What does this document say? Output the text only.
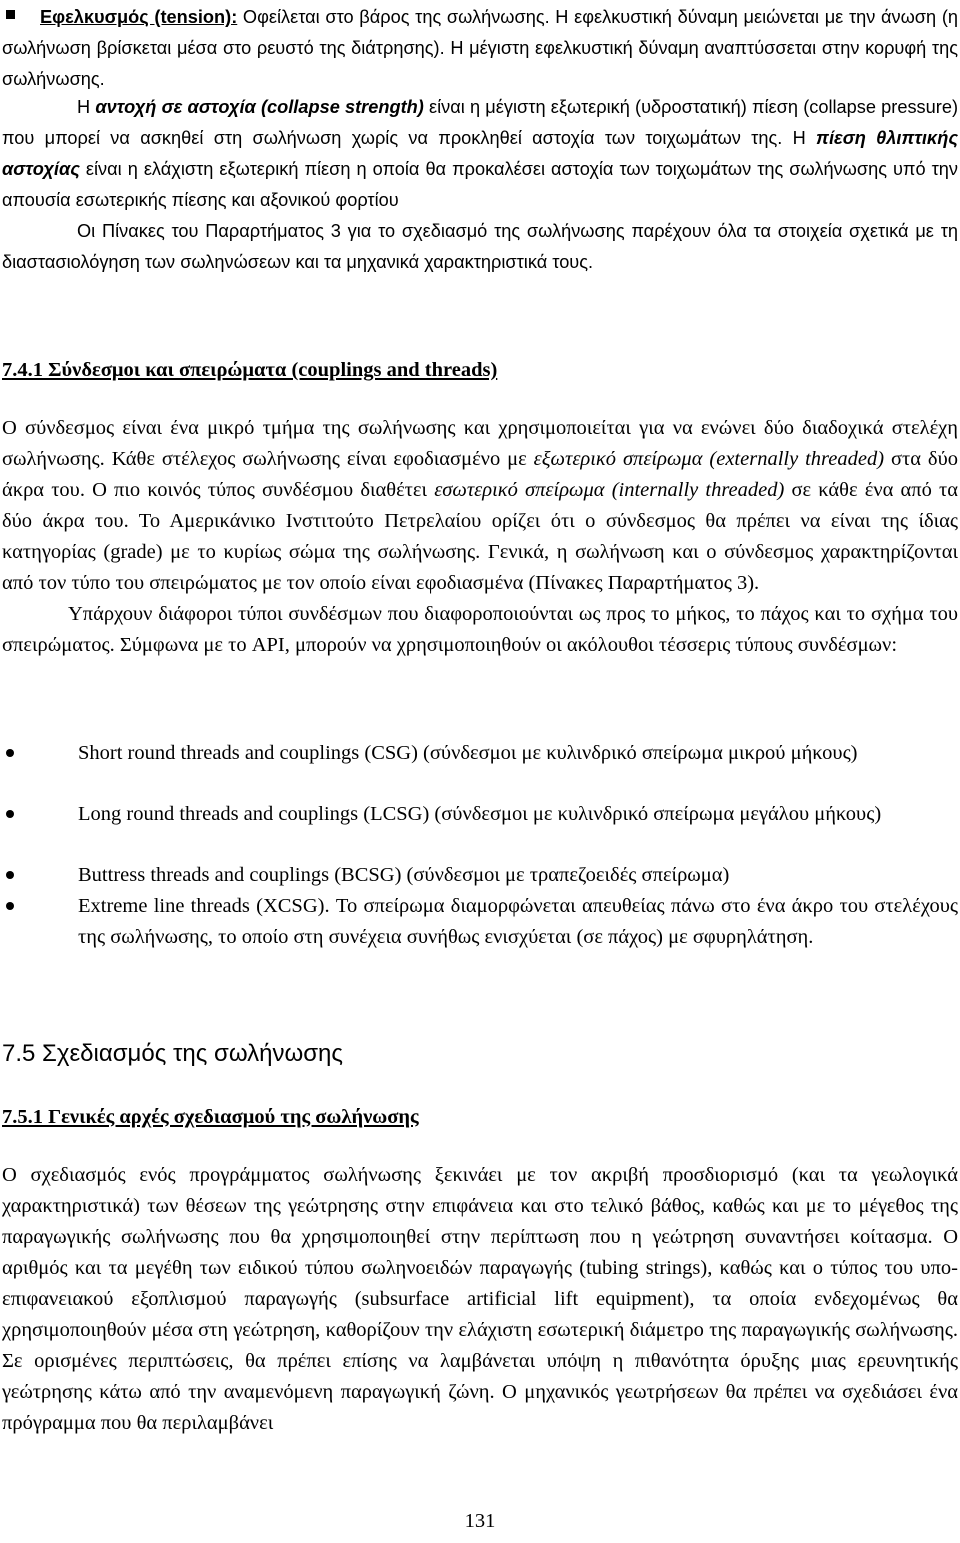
Εφελκυσμός (tension): Οφείλεται στο βάρος της σωλήνωσης. Η εφελκυστική δύναμη μειώνεται με την άνωση (η σωλήνωση βρίσκεται μέσα στο ρευστό της διάτρησης). Η μέγιστη εφελκυστική δύναμη αναπτύσσεται στην κορυφή της σωλήνωσης.

Η αντοχή σε αστοχία (collapse strength) είναι η μέγιστη εξωτερική (υδροστατική) πίεση (collapse pressure) που μπορεί να ασκηθεί στη σωλήνωση χωρίς να προκληθεί αστοχία των τοιχωμάτων της. Η πίεση θλιπτικής αστοχίας είναι η ελάχιστη εξωτερική πίεση η οποία θα προκαλέσει αστοχία των τοιχωμάτων της σωλήνωσης υπό την απουσία εσωτερικής πίεσης και αξονικού φορτίου

Οι Πίνακες του Παραρτήματος 3 για το σχεδιασμό της σωλήνωσης παρέχουν όλα τα στοιχεία σχετικά με τη διαστασιολόγηση των σωληνώσεων και τα μηχανικά χαρακτηριστικά τους.

7.4.1 Σύνδεσμοι και σπειρώματα (couplings and threads)

Ο σύνδεσμος είναι ένα μικρό τμήμα της σωλήνωσης και χρησιμοποιείται για να ενώνει δύο διαδοχικά στελέχη σωλήνωσης. Κάθε στέλεχος σωλήνωσης είναι εφοδιασμένο με εξωτερικό σπείρωμα (externally threaded) στα δύο άκρα του. Ο πιο κοινός τύπος συνδέσμου διαθέτει εσωτερικό σπείρωμα (internally threaded) σε κάθε ένα από τα δύο άκρα του. Το Αμερικάνικο Ινστιτούτο Πετρελαίου ορίζει ότι ο σύνδεσμος θα πρέπει να είναι της ίδιας κατηγορίας (grade) με το κυρίως σώμα της σωλήνωσης. Γενικά, η σωλήνωση και ο σύνδεσμος χαρακτηρίζονται από τον τύπο του σπειρώματος με τον οποίο είναι εφοδιασμένα (Πίνακες Παραρτήματος 3).

Υπάρχουν διάφοροι τύποι συνδέσμων που διαφοροποιούνται ως προς το μήκος, το πάχος και το σχήμα του σπειρώματος. Σύμφωνα με το API, μπορούν να χρησιμοποιηθούν οι ακόλουθοι τέσσερις τύπους συνδέσμων:

Short round threads and couplings (CSG) (σύνδεσμοι με κυλινδρικό σπείρωμα μικρού μήκους)
Long round threads and couplings (LCSG) (σύνδεσμοι με κυλινδρικό σπείρωμα μεγάλου μήκους)
Buttress threads and couplings (BCSG) (σύνδεσμοι με τραπεζοειδές σπείρωμα)
Extreme line threads (XCSG). Το σπείρωμα διαμορφώνεται απευθείας πάνω στο ένα άκρο του στελέχους της σωλήνωσης, το οποίο στη συνέχεια συνήθως ενισχύεται (σε πάχος) με σφυρηλάτηση.
7.5 Σχεδιασμός της σωλήνωσης
7.5.1 Γενικές αρχές σχεδιασμού της σωλήνωσης
Ο σχεδιασμός ενός προγράμματος σωλήνωσης ξεκινάει με τον ακριβή προσδιορισμό (και τα γεωλογικά χαρακτηριστικά) των θέσεων της γεώτρησης στην επιφάνεια και στο τελικό βάθος, καθώς και με το μέγεθος της παραγωγικής σωλήνωσης που θα χρησιμοποιηθεί στην περίπτωση που η γεώτρηση συναντήσει κοίτασμα. Ο αριθμός και τα μεγέθη των ειδικού τύπου σωληνοειδών παραγωγής (tubing strings), καθώς και ο τύπος του υπο-επιφανειακού εξοπλισμού παραγωγής (subsurface artificial lift equipment), τα οποία ενδεχομένως θα χρησιμοποιηθούν μέσα στη γεώτρηση, καθορίζουν την ελάχιστη εσωτερική διάμετρο της παραγωγικής σωλήνωσης. Σε ορισμένες περιπτώσεις, θα πρέπει επίσης να λαμβάνεται υπόψη η πιθανότητα όρυξης μιας ερευνητικής γεώτρησης κάτω από την αναμενόμενη παραγωγική ζώνη. Ο μηχανικός γεωτρήσεων θα πρέπει να σχεδιάσει ένα πρόγραμμα που θα περιλαμβάνει
131
